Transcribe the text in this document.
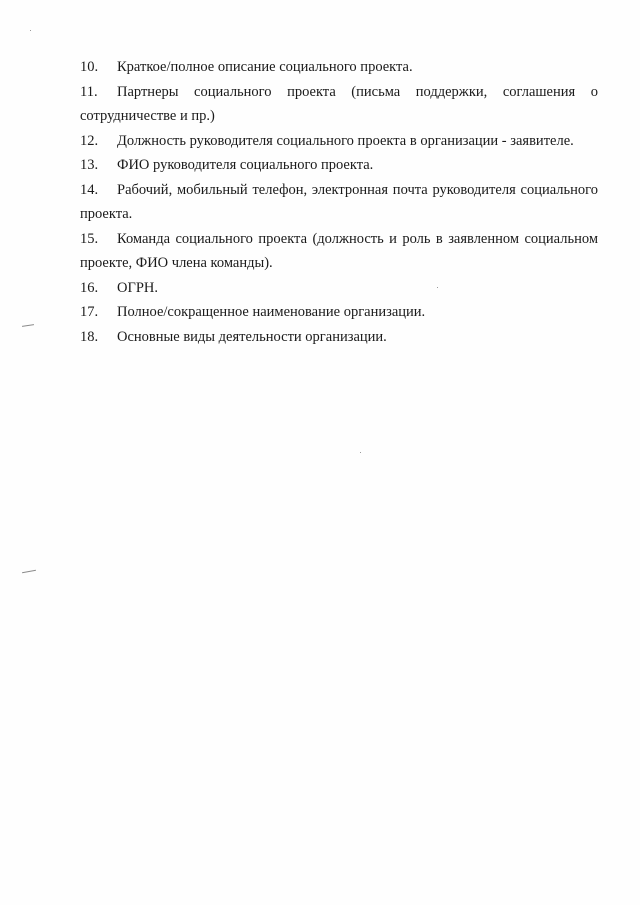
10. Краткое/полное описание социального проекта.

11. Партнеры социального проекта (письма поддержки, соглашения о сотрудничестве и пр.)

12. Должность руководителя социального проекта в организации - заявителе.

13. ФИО руководителя социального проекта.

14. Рабочий, мобильный телефон, электронная почта руководителя социального проекта.

15. Команда социального проекта (должность и роль в заявленном социальном проекте, ФИО члена команды).

16. ОГРН.

17. Полное/сокращенное наименование организации.

18. Основные виды деятельности организации.
